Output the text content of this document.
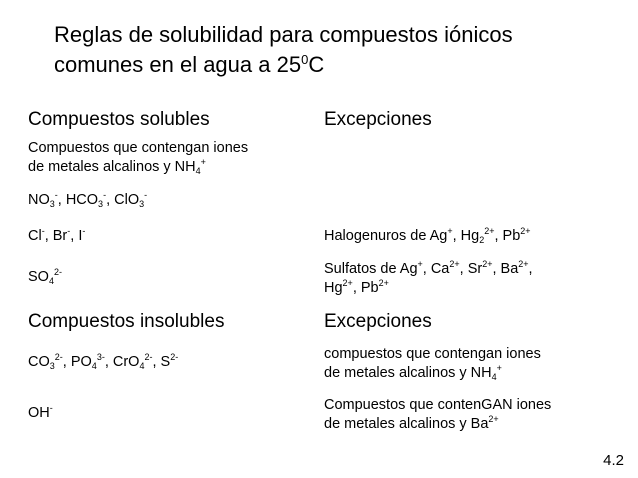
Reglas de solubilidad para compuestos iónicos
comunes en el agua a $25^0C$
Compuestos solubles	Excepciones
Compuestos que contengan iones
de metales alcalinos y $NH_4^+$
$NO_3^-$, $HCO_3^-$, ClO$_3$-
Cl-, Br-, I-	Halogenuros de Ag+, $Hg_2^{2+}$, $Pb^{2+}$
$SO_4^{2-}$	Sulfatos de Ag+, $Ca^{2+}$, $Sr^{2+}$, $Ba^{2+}$,
$Hg^{2+}$, $Pb^{2+}$
Compuestos insolubles	Excepciones
$CO_3^{2-}$, $PO_4^{3-}$, CrO$_4^{2-}$, $S^{2-}$	compuestos que contengan iones
de metales alcalinos y $NH_4^+$
OH-	Compuestos que contenGAN iones
de metales alcalinos y $Ba^{2+}$
4.2
